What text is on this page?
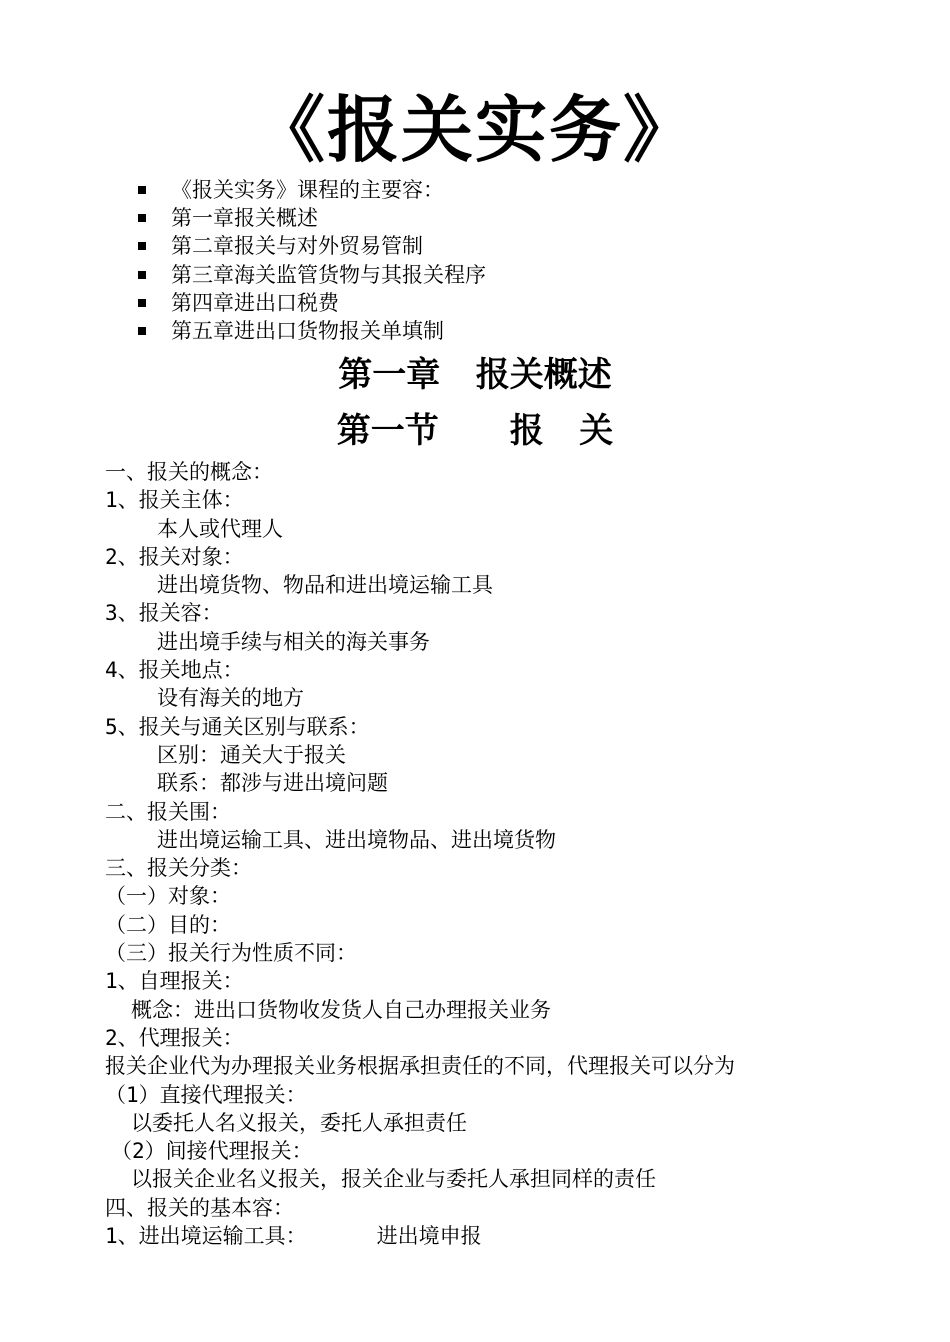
《报关实务》
《报关实务》课程的主要容：
第一章报关概述
第二章报关与对外贸易管制
第三章海关监管货物与其报关程序
第四章进出口税费
第五章进出口货物报关单填制
第一章   报关概述
第一节      报   关
一、报关的概念：
1、报关主体：
本人或代理人
2、报关对象：
进出境货物、物品和进出境运输工具
3、报关容：
进出境手续与相关的海关事务
4、报关地点：
设有海关的地方
5、报关与通关区别与联系：
区别：通关大于报关
联系：都涉与进出境问题
二、报关围：
进出境运输工具、进出境物品、进出境货物
三、报关分类：
（一）对象：
（二）目的：
（三）报关行为性质不同：
1、自理报关：
概念：进出口货物收发货人自己办理报关业务
2、代理报关：
报关企业代为办理报关业务根据承担责任的不同，代理报关可以分为
（1）直接代理报关：
以委托人名义报关，委托人承担责任
（2）间接代理报关：
以报关企业名义报关，报关企业与委托人承担同样的责任
四、报关的基本容：
1、进出境运输工具：	进出境申报
